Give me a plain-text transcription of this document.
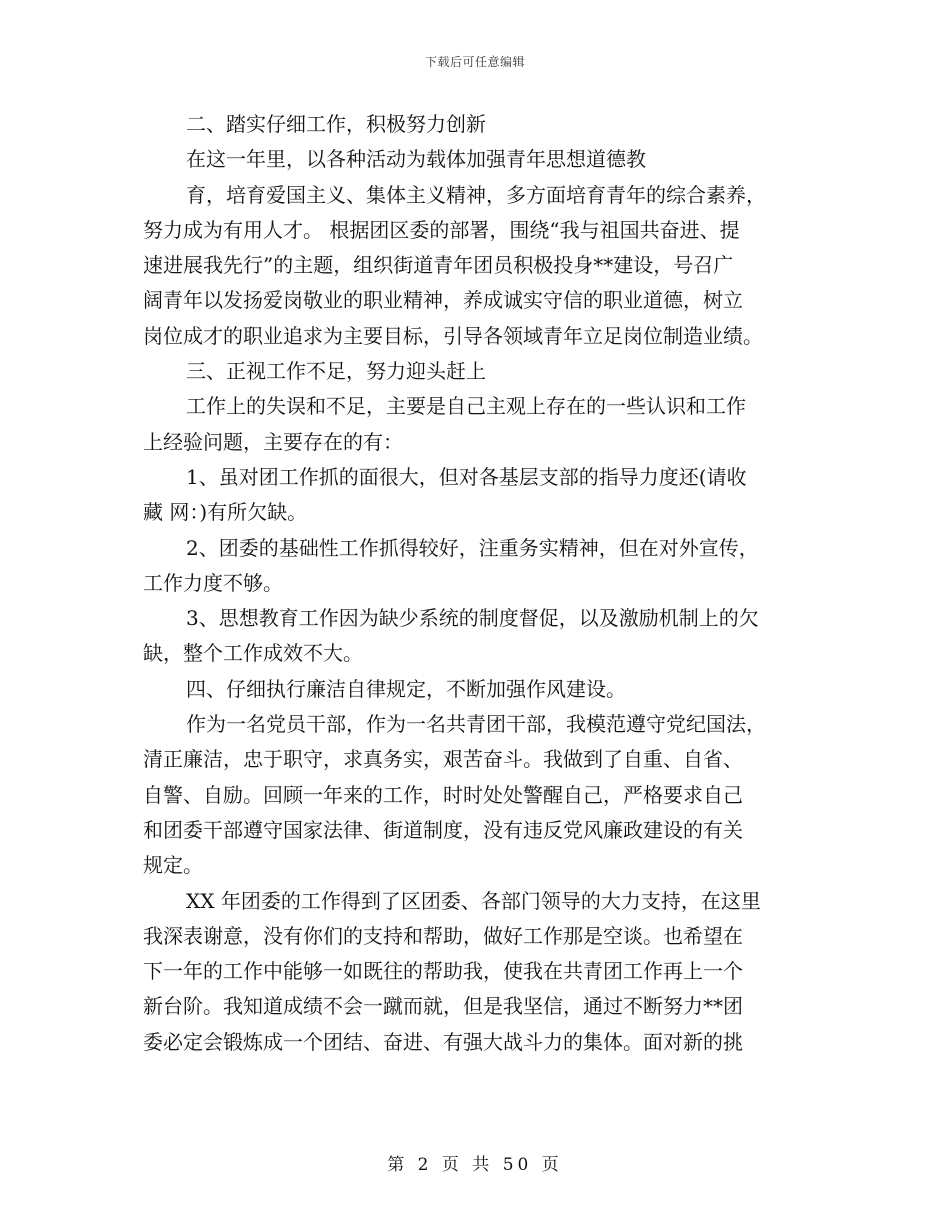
下载后可任意编辑
二、踏实仔细工作，积极努力创新
在这一年里，以各种活动为载体加强青年思想道德教
育，培育爱国主义、集体主义精神，多方面培育青年的综合素养，
努力成为有用人才。 根据团区委的部署，围绕“我与祖国共奋进、提
速进展我先行”的主题，组织街道青年团员积极投身**建设，号召广
阔青年以发扬爱岗敬业的职业精神，养成诚实守信的职业道德，树立
岗位成才的职业追求为主要目标，引导各领域青年立足岗位制造业绩。
三、正视工作不足，努力迎头赶上
工作上的失误和不足，主要是自己主观上存在的一些认识和工作
上经验问题，主要存在的有：
1、虽对团工作抓的面很大，但对各基层支部的指导力度还(请收
藏 网：)有所欠缺。
2、团委的基础性工作抓得较好，注重务实精神，但在对外宣传，
工作力度不够。
3、思想教育工作因为缺少系统的制度督促，以及激励机制上的欠
缺，整个工作成效不大。
四、仔细执行廉洁自律规定，不断加强作风建设。
作为一名党员干部，作为一名共青团干部，我模范遵守党纪国法，
清正廉洁，忠于职守，求真务实，艰苦奋斗。我做到了自重、自省、
自警、自励。回顾一年来的工作，时时处处警醒自己，严格要求自己
和团委干部遵守国家法律、街道制度，没有违反党风廉政建设的有关
规定。
XX 年团委的工作得到了区团委、各部门领导的大力支持，在这里
我深表谢意，没有你们的支持和帮助，做好工作那是空谈。也希望在
下一年的工作中能够一如既往的帮助我，使我在共青团工作再上一个
新台阶。我知道成绩不会一蹴而就，但是我坚信，通过不断努力**团
委必定会锻炼成一个团结、奋进、有强大战斗力的集体。面对新的挑
第 2 页 共 50 页
